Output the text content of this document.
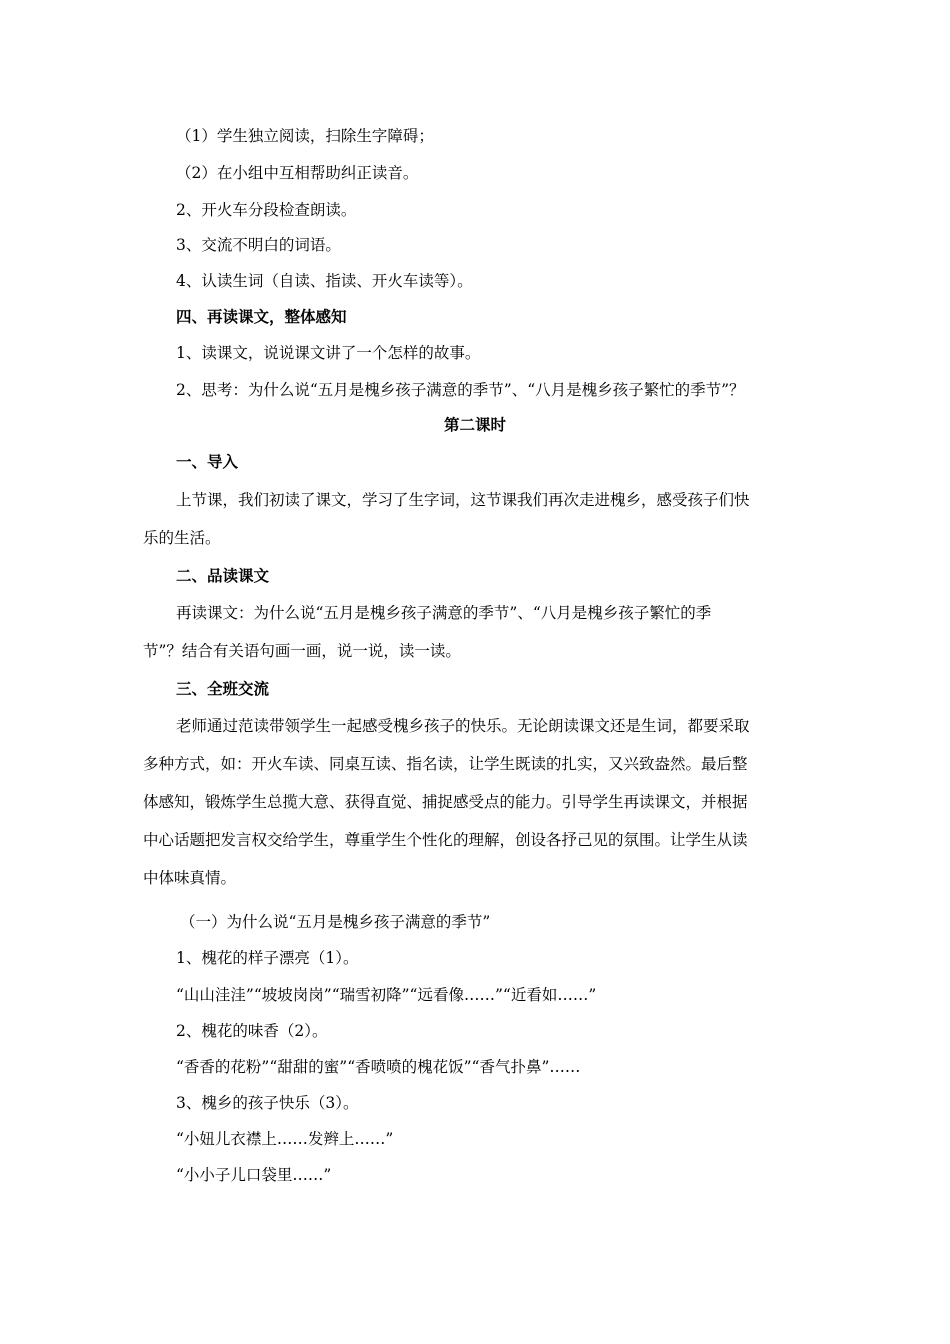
（1）学生独立阅读，扫除生字障碍；
（2）在小组中互相帮助纠正读音。
2、开火车分段检查朗读。
3、交流不明白的词语。
4、认读生词（自读、指读、开火车读等）。
四、再读课文，整体感知
1、读课文，说说课文讲了一个怎样的故事。
2、思考：为什么说“五月是槐乡孩子满意的季节”、“八月是槐乡孩子繁忙的季节”？
第二课时
一、导入
上节课，我们初读了课文，学习了生字词，这节课我们再次走进槐乡，感受孩子们快
乐的生活。
二、品读课文
再读课文：为什么说“五月是槐乡孩子满意的季节”、“八月是槐乡孩子繁忙的季
节”？结合有关语句画一画，说一说，读一读。
三、全班交流
老师通过范读带领学生一起感受槐乡孩子的快乐。无论朗读课文还是生词，都要采取
多种方式，如：开火车读、同桌互读、指名读，让学生既读的扎实，又兴致盎然。最后整
体感知，锻炼学生总揽大意、获得直觉、捕捉感受点的能力。引导学生再读课文，并根据
中心话题把发言权交给学生，尊重学生个性化的理解，创设各抒己见的氛围。让学生从读
中体味真情。
（一）为什么说“五月是槐乡孩子满意的季节”
1、槐花的样子漂亮（1）。
“山山洼洼”“坡坡岗岗”“瑞雪初降”“远看像……”“近看如……”
2、槐花的味香（2）。
“香香的花粉”“甜甜的蜜”“香喷喷的槐花饭”“香气扑鼻”……
3、槐乡的孩子快乐（3）。
“小妞儿衣襟上……发辫上……”
“小小子儿口袋里……”
